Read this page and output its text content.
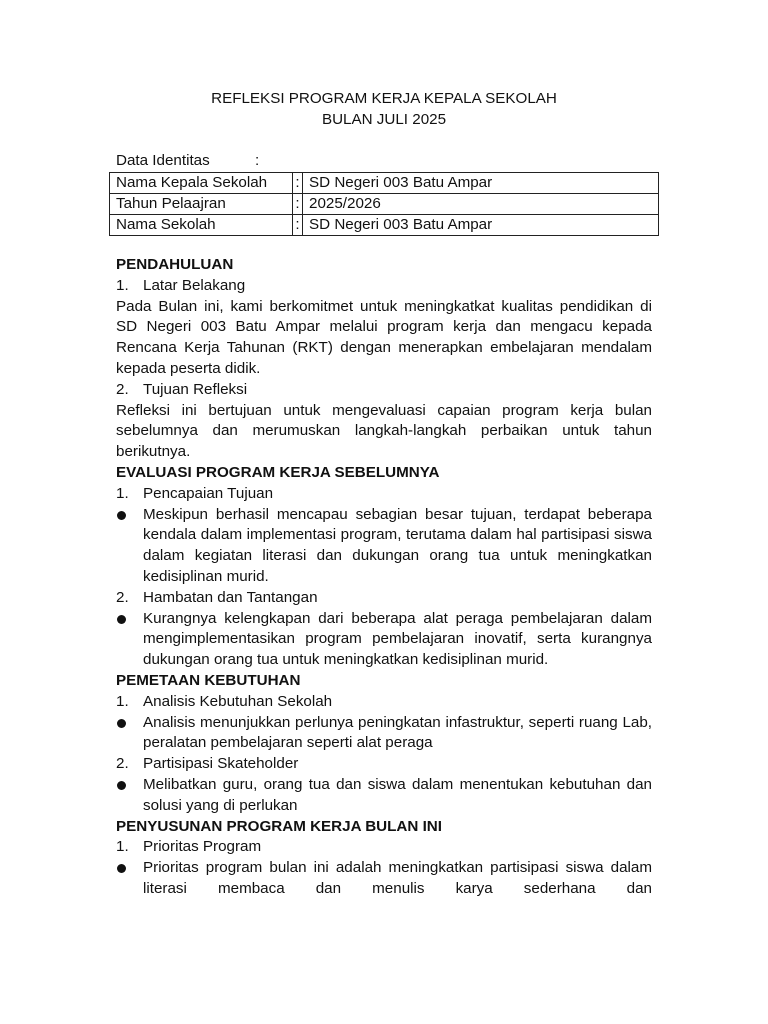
REFLEKSI PROGRAM KERJA KEPALA SEKOLAH

BULAN JULI 2025

Data Identitas	:
Nama Kepala Sekolah	:	SD Negeri 003 Batu Ampar
Tahun Pelaajran	:	2025/2026
Nama Sekolah	:	SD Negeri 003 Batu Ampar

PENDAHULUAN

1. Latar Belakang

Pada Bulan ini, kami berkomitmet untuk meningkatkat kualitas pendidikan di SD Negeri 003 Batu Ampar melalui program kerja dan mengacu kepada Rencana Kerja Tahunan (RKT) dengan menerapkan embelajaran mendalam kepada peserta didik.

2. Tujuan Refleksi

Refleksi ini bertujuan untuk mengevaluasi capaian program kerja bulan sebelumnya dan merumuskan langkah-langkah perbaikan untuk tahun berikutnya.

EVALUASI PROGRAM KERJA SEBELUMNYA

1. Pencapaian Tujuan

Meskipun berhasil mencapau sebagian besar tujuan, terdapat beberapa kendala dalam implementasi program, terutama dalam hal partisipasi siswa dalam kegiatan literasi dan dukungan orang tua untuk meningkatkan kedisiplinan murid.

2. Hambatan dan Tantangan

Kurangnya kelengkapan dari beberapa alat peraga pembelajaran dalam mengimplementasikan program pembelajaran inovatif, serta kurangnya dukungan orang tua untuk meningkatkan kedisiplinan murid.

PEMETAAN KEBUTUHAN

1. Analisis Kebutuhan Sekolah

Analisis menunjukkan perlunya peningkatan infastruktur, seperti ruang Lab, peralatan pembelajaran seperti alat peraga

2. Partisipasi Skateholder

Melibatkan guru, orang tua dan siswa dalam menentukan kebutuhan dan solusi yang di perlukan

PENYUSUNAN PROGRAM KERJA BULAN INI

1. Prioritas Program

Prioritas program bulan ini adalah meningkatkan partisipasi siswa dalam literasi membaca dan menulis karya sederhana dan
